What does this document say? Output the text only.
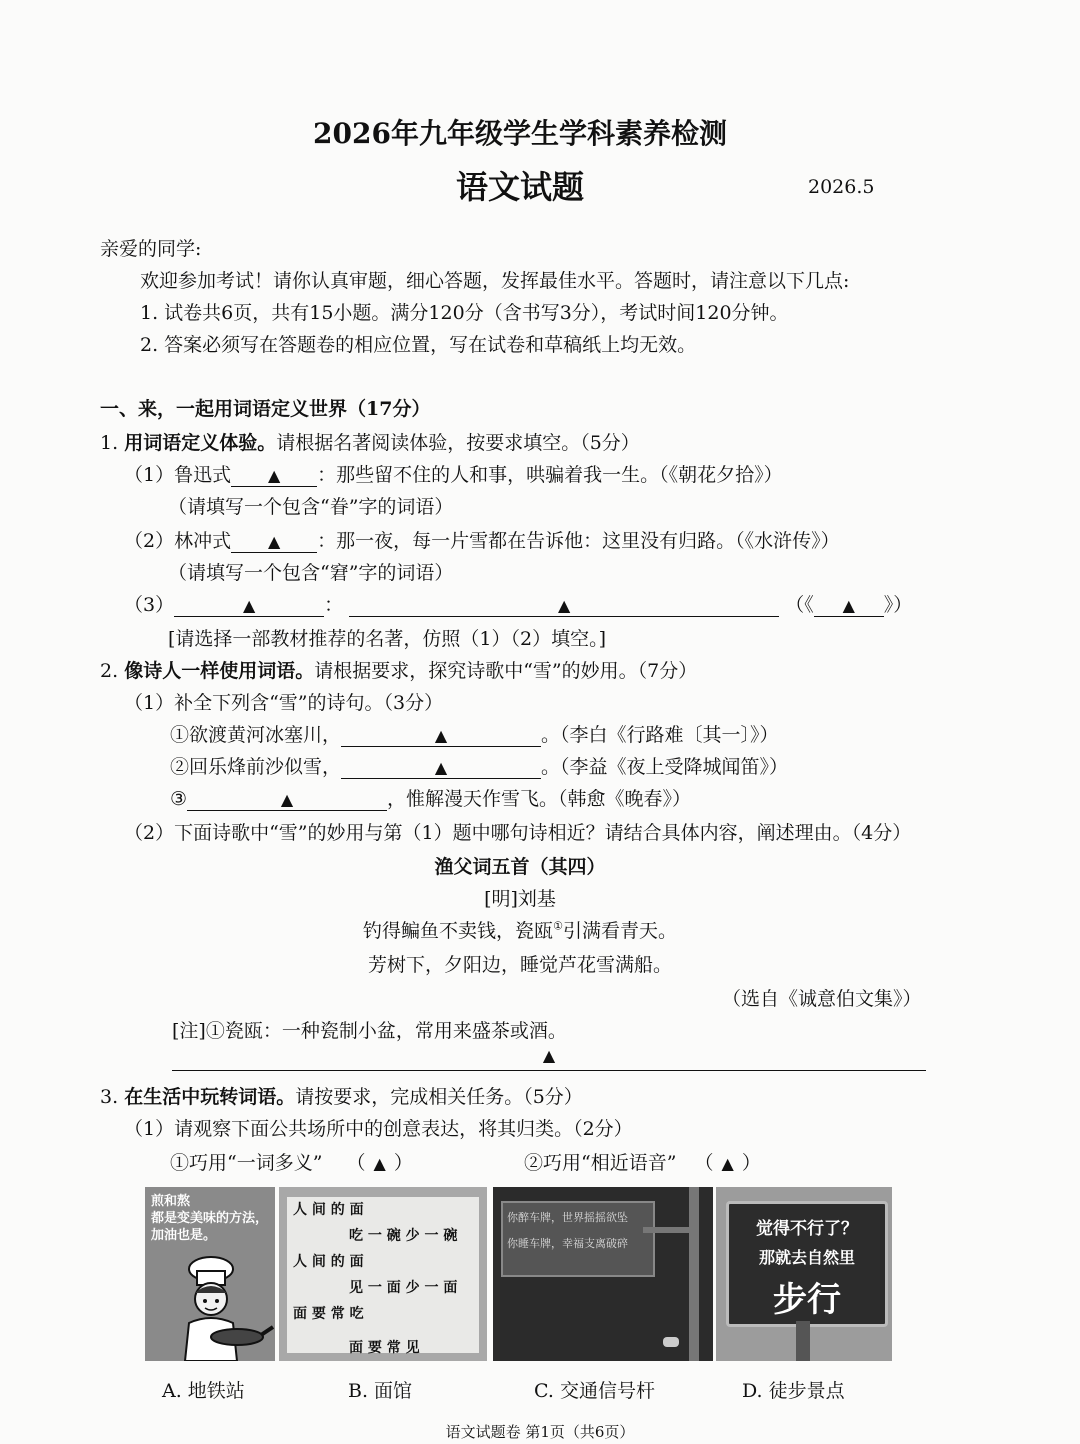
2026年九年级学生学科素养检测
语文试题	2026.5
亲爱的同学:
欢迎参加考试！请你认真审题，细心答题，发挥最佳水平。答题时，请注意以下几点:
1. 试卷共6页，共有15小题。满分120分（含书写3分），考试时间120分钟。
2. 答案必须写在答题卷的相应位置，写在试卷和草稿纸上均无效。
一、来，一起用词语定义世界（17分）
1. 用词语定义体验。请根据名著阅读体验，按要求填空。（5分）
（1）鲁迅式 ▲ ：那些留不住的人和事，哄骗着我一生。（《朝花夕拾》）
（请填写一个包含“眷”字的词语）
（2）林冲式 ▲ ：那一夜，每一片雪都在告诉他：这里没有归路。（《水浒传》）
（请填写一个包含“窘”字的词语）
（3）	▲	：	▲	（《 ▲ 》）
[请选择一部教材推荐的名著，仿照（1）（2）填空。]
2. 像诗人一样使用词语。请根据要求，探究诗歌中“雪”的妙用。（7分）
（1）补全下列含“雪”的诗句。（3分）
①欲渡黄河冰塞川，	▲	。（李白《行路难〔其一〕》）
②回乐烽前沙似雪，	▲	。（李益《夜上受降城闻笛》）
③	▲	，惟解漫天作雪飞。（韩愈《晚春》）
（2）下面诗歌中“雪”的妙用与第（1）题中哪句诗相近？请结合具体内容，阐述理由。（4分）
渔父词五首（其四）
[明]刘基
钓得鳊鱼不卖钱，瓷瓯①引满看青天。
芳树下，夕阳边，睡觉芦花雪满船。
（选自《诚意伯文集》）
[注]①瓷瓯：一种瓷制小盆，常用来盛茶或酒。
▲
3. 在生活中玩转词语。请按要求，完成相关任务。（5分）
（1）请观察下面公共场所中的创意表达，将其归类。（2分）
①巧用“一词多义” （ ▲ ）	②巧用“相近语音” （ ▲ ）
煎和熬
都是变美味的方法，
加油也是。
人 间 的 面
吃 一 碗 少 一 碗
人 间 的 面
见 一 面 少 一 面
面 要 常 吃
面 要 常 见
你醉车牌，世界摇摇欲坠
你睡车牌，幸福支离破碎
觉得不行了？
那就去自然里
步行
A. 地铁站	B. 面馆	C. 交通信号杆	D. 徒步景点
语文试题卷 第1页（共6页）
